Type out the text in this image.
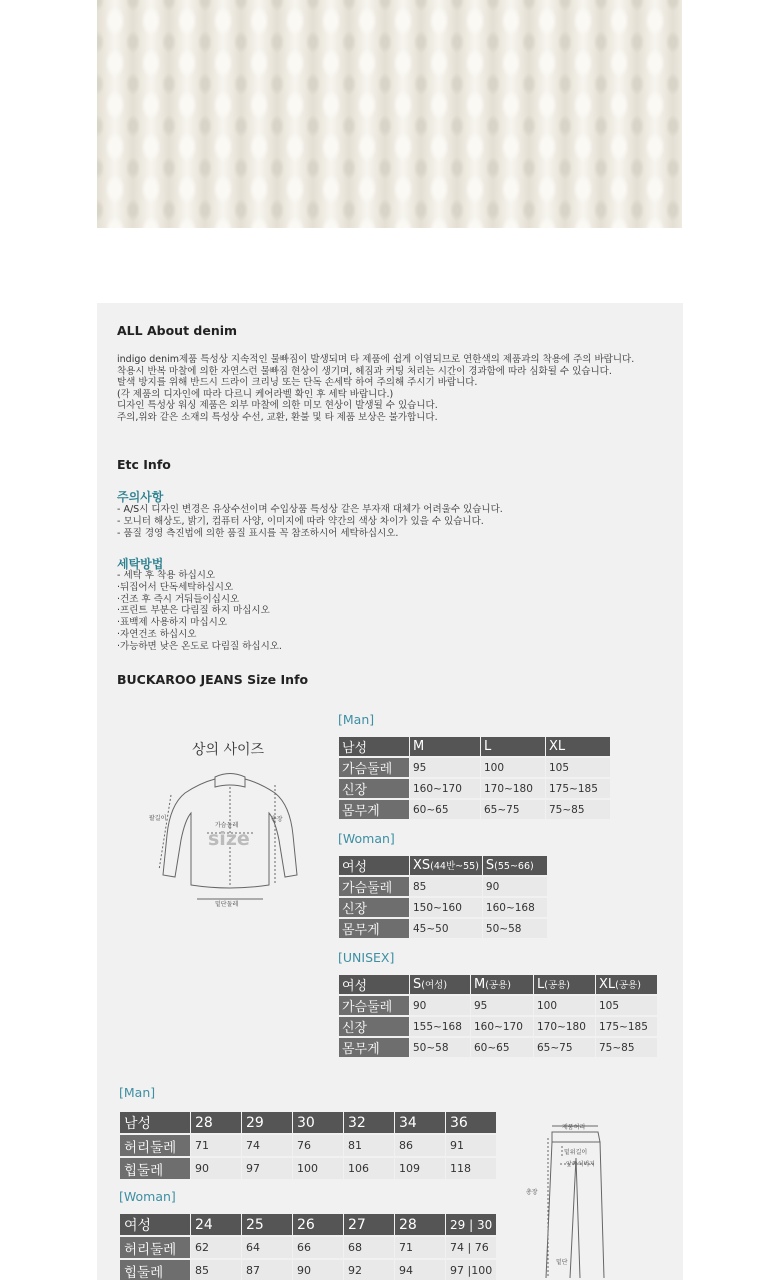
ALL About denim
indigo denim제품 특성상 지속적인 물빠짐이 발생되며 타 제품에 쉽게 이염되므로 연한색의 제품과의 착용에 주의 바랍니다.
착용시 반복 마찰에 의한 자연스런 물빠짐 현상이 생기며, 헤짐과 커팅 처리는 시간이 경과함에 따라 심화될 수 있습니다.
탈색 방지를 위해 반드시 드라이 크리닝 또는 단독 손세탁 하여 주의해 주시기 바랍니다.
(각 제품의 디자인에 따라 다르니 케어라벨 확인 후 세탁 바랍니다.)
디자인 특성상 워싱 제품은 외부 마찰에 의한 미모 현상이 발생될 수 있습니다.
주의,위와 같은 소재의 특성상 수선, 교환, 환불 및 타 제품 보상은 불가합니다.
Etc Info
주의사항
- A/S시 디자인 변경은 유상수선이며 수입상품 특성상 같은 부자재 대체가 어려울수 있습니다.
- 모니터 해상도, 밝기, 컴퓨터 사양, 이미지에 따라 약간의 색상 차이가 있을 수 있습니다.
- 품질 경영 측진법에 의한 품질 표시를 꼭 참조하시어 세탁하십시오.
세탁방법
- 세탁 후 착용 하십시오
·뒤집어서 단독세탁하십시오
·건조 후 즉시 거둬들이십시오
·프린트 부분은 다림질 하지 마십시오
·표백제 사용하지 마십시오
·자연건조 하십시오
·가능하면 낮은 온도로 다림질 하십시오.
BUCKAROO JEANS Size Info
상의 사이즈
팔길이
가슴둘레
총장
밑단둘레
size
[Man]
남성	M	L	XL
가슴둘레	95	100	105
신장	160~170	170~180	175~185
몸무게	60~65	65~75	75~85
[Woman]
여성	XS(44반~55)	S(55~66)
가슴둘레	85	90
신장	150~160	160~168
몸무게	45~50	50~58
[UNISEX]
여성	S(여성)	M(공용)	L(공용)	XL(공용)
가슴둘레	90	95	100	105
신장	155~168	160~170	170~180	175~185
몸무게	50~58	60~65	65~75	75~85
[Man]
남성	28	29	30	32	34	36
허리둘레	71	74	76	81	86	91
힙둘레	90	97	100	106	109	118
[Woman]
여성	24	25	26	27	28	29 | 30
허리둘레	62	64	66	68	71	74 | 76
힙둘레	85	87	90	92	94	97 |100
제품허리
밑위길이
앞쪽허벅지
총장
밑단
